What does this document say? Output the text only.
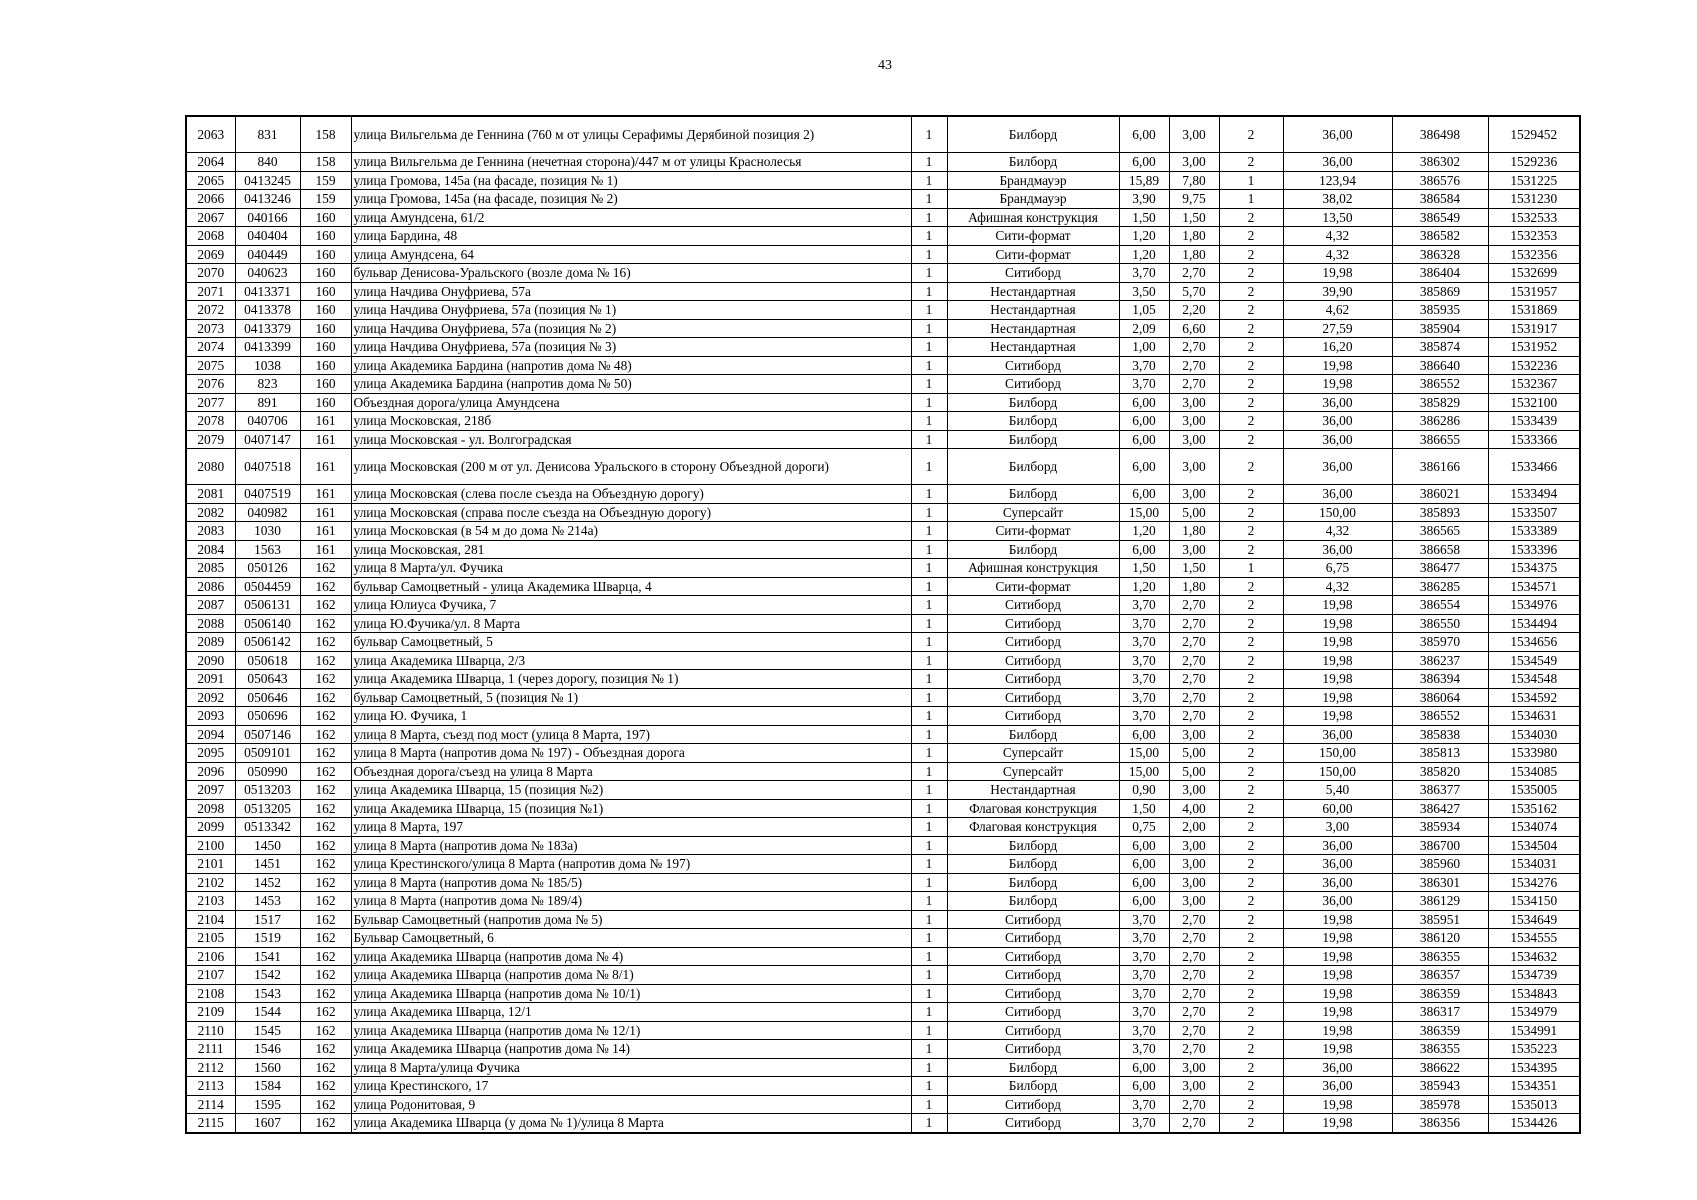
43
2063	831	158	улица Вильгельма де Геннина (760 м от улицы Серафимы Дерябиной позиция 2)	1	Билборд	6,00	3,00	2	36,00	386498	1529452
2064	840	158	улица Вильгельма де Геннина (нечетная сторона)/447 м от улицы Краснолесья	1	Билборд	6,00	3,00	2	36,00	386302	1529236
2065	0413245	159	улица Громова, 145а (на фасаде, позиция № 1)	1	Брандмауэр	15,89	7,80	1	123,94	386576	1531225
2066	0413246	159	улица Громова, 145а (на фасаде, позиция № 2)	1	Брандмауэр	3,90	9,75	1	38,02	386584	1531230
2067	040166	160	улица Амундсена, 61/2	1	Афишная конструкция	1,50	1,50	2	13,50	386549	1532533
2068	040404	160	улица Бардина, 48	1	Сити-формат	1,20	1,80	2	4,32	386582	1532353
2069	040449	160	улица Амундсена, 64	1	Сити-формат	1,20	1,80	2	4,32	386328	1532356
2070	040623	160	бульвар Денисова-Уральского (возле дома № 16)	1	Ситиборд	3,70	2,70	2	19,98	386404	1532699
2071	0413371	160	улица Начдива Онуфриева, 57а	1	Нестандартная	3,50	5,70	2	39,90	385869	1531957
2072	0413378	160	улица Начдива Онуфриева, 57а (позиция № 1)	1	Нестандартная	1,05	2,20	2	4,62	385935	1531869
2073	0413379	160	улица Начдива Онуфриева, 57а (позиция № 2)	1	Нестандартная	2,09	6,60	2	27,59	385904	1531917
2074	0413399	160	улица Начдива Онуфриева, 57а (позиция № 3)	1	Нестандартная	1,00	2,70	2	16,20	385874	1531952
2075	1038	160	улица Академика Бардина (напротив дома № 48)	1	Ситиборд	3,70	2,70	2	19,98	386640	1532236
2076	823	160	улица Академика Бардина (напротив дома № 50)	1	Ситиборд	3,70	2,70	2	19,98	386552	1532367
2077	891	160	Объездная дорога/улица Амундсена	1	Билборд	6,00	3,00	2	36,00	385829	1532100
2078	040706	161	улица Московская, 218б	1	Билборд	6,00	3,00	2	36,00	386286	1533439
2079	0407147	161	улица Московская - ул. Волгоградская	1	Билборд	6,00	3,00	2	36,00	386655	1533366
2080	0407518	161	улица Московская (200 м от ул. Денисова Уральского в сторону Объездной дороги)	1	Билборд	6,00	3,00	2	36,00	386166	1533466
2081	0407519	161	улица Московская (слева после съезда на Объездную дорогу)	1	Билборд	6,00	3,00	2	36,00	386021	1533494
2082	040982	161	улица Московская (справа после съезда на Объездную дорогу)	1	Суперсайт	15,00	5,00	2	150,00	385893	1533507
2083	1030	161	улица Московская (в 54 м до дома № 214а)	1	Сити-формат	1,20	1,80	2	4,32	386565	1533389
2084	1563	161	улица Московская, 281	1	Билборд	6,00	3,00	2	36,00	386658	1533396
2085	050126	162	улица 8 Марта/ул. Фучика	1	Афишная конструкция	1,50	1,50	1	6,75	386477	1534375
2086	0504459	162	бульвар Самоцветный - улица Академика Шварца, 4	1	Сити-формат	1,20	1,80	2	4,32	386285	1534571
2087	0506131	162	улица Юлиуса Фучика, 7	1	Ситиборд	3,70	2,70	2	19,98	386554	1534976
2088	0506140	162	улица Ю.Фучика/ул. 8 Марта	1	Ситиборд	3,70	2,70	2	19,98	386550	1534494
2089	0506142	162	бульвар Самоцветный, 5	1	Ситиборд	3,70	2,70	2	19,98	385970	1534656
2090	050618	162	улица Академика Шварца, 2/3	1	Ситиборд	3,70	2,70	2	19,98	386237	1534549
2091	050643	162	улица Академика Шварца, 1 (через дорогу, позиция № 1)	1	Ситиборд	3,70	2,70	2	19,98	386394	1534548
2092	050646	162	бульвар Самоцветный, 5 (позиция № 1)	1	Ситиборд	3,70	2,70	2	19,98	386064	1534592
2093	050696	162	улица Ю. Фучика, 1	1	Ситиборд	3,70	2,70	2	19,98	386552	1534631
2094	0507146	162	улица 8 Марта, съезд под мост (улица 8 Марта, 197)	1	Билборд	6,00	3,00	2	36,00	385838	1534030
2095	0509101	162	улица 8 Марта (напротив дома № 197) - Объездная дорога	1	Суперсайт	15,00	5,00	2	150,00	385813	1533980
2096	050990	162	Объездная дорога/съезд на улица 8 Марта	1	Суперсайт	15,00	5,00	2	150,00	385820	1534085
2097	0513203	162	улица Академика Шварца, 15 (позиция №2)	1	Нестандартная	0,90	3,00	2	5,40	386377	1535005
2098	0513205	162	улица Академика Шварца, 15 (позиция №1)	1	Флаговая конструкция	1,50	4,00	2	60,00	386427	1535162
2099	0513342	162	улица 8 Марта, 197	1	Флаговая конструкция	0,75	2,00	2	3,00	385934	1534074
2100	1450	162	улица 8 Марта (напротив дома № 183а)	1	Билборд	6,00	3,00	2	36,00	386700	1534504
2101	1451	162	улица Крестинского/улица 8 Марта (напротив дома № 197)	1	Билборд	6,00	3,00	2	36,00	385960	1534031
2102	1452	162	улица 8 Марта (напротив дома № 185/5)	1	Билборд	6,00	3,00	2	36,00	386301	1534276
2103	1453	162	улица 8 Марта (напротив дома № 189/4)	1	Билборд	6,00	3,00	2	36,00	386129	1534150
2104	1517	162	Бульвар Самоцветный (напротив дома № 5)	1	Ситиборд	3,70	2,70	2	19,98	385951	1534649
2105	1519	162	Бульвар Самоцветный, 6	1	Ситиборд	3,70	2,70	2	19,98	386120	1534555
2106	1541	162	улица Академика Шварца (напротив дома № 4)	1	Ситиборд	3,70	2,70	2	19,98	386355	1534632
2107	1542	162	улица Академика Шварца (напротив дома № 8/1)	1	Ситиборд	3,70	2,70	2	19,98	386357	1534739
2108	1543	162	улица Академика Шварца (напротив дома № 10/1)	1	Ситиборд	3,70	2,70	2	19,98	386359	1534843
2109	1544	162	улица Академика Шварца, 12/1	1	Ситиборд	3,70	2,70	2	19,98	386317	1534979
2110	1545	162	улица Академика Шварца (напротив дома № 12/1)	1	Ситиборд	3,70	2,70	2	19,98	386359	1534991
2111	1546	162	улица Академика Шварца (напротив дома № 14)	1	Ситиборд	3,70	2,70	2	19,98	386355	1535223
2112	1560	162	улица 8 Марта/улица Фучика	1	Билборд	6,00	3,00	2	36,00	386622	1534395
2113	1584	162	улица Крестинского, 17	1	Билборд	6,00	3,00	2	36,00	385943	1534351
2114	1595	162	улица Родонитовая, 9	1	Ситиборд	3,70	2,70	2	19,98	385978	1535013
2115	1607	162	улица Академика Шварца (у дома № 1)/улица 8 Марта	1	Ситиборд	3,70	2,70	2	19,98	386356	1534426
